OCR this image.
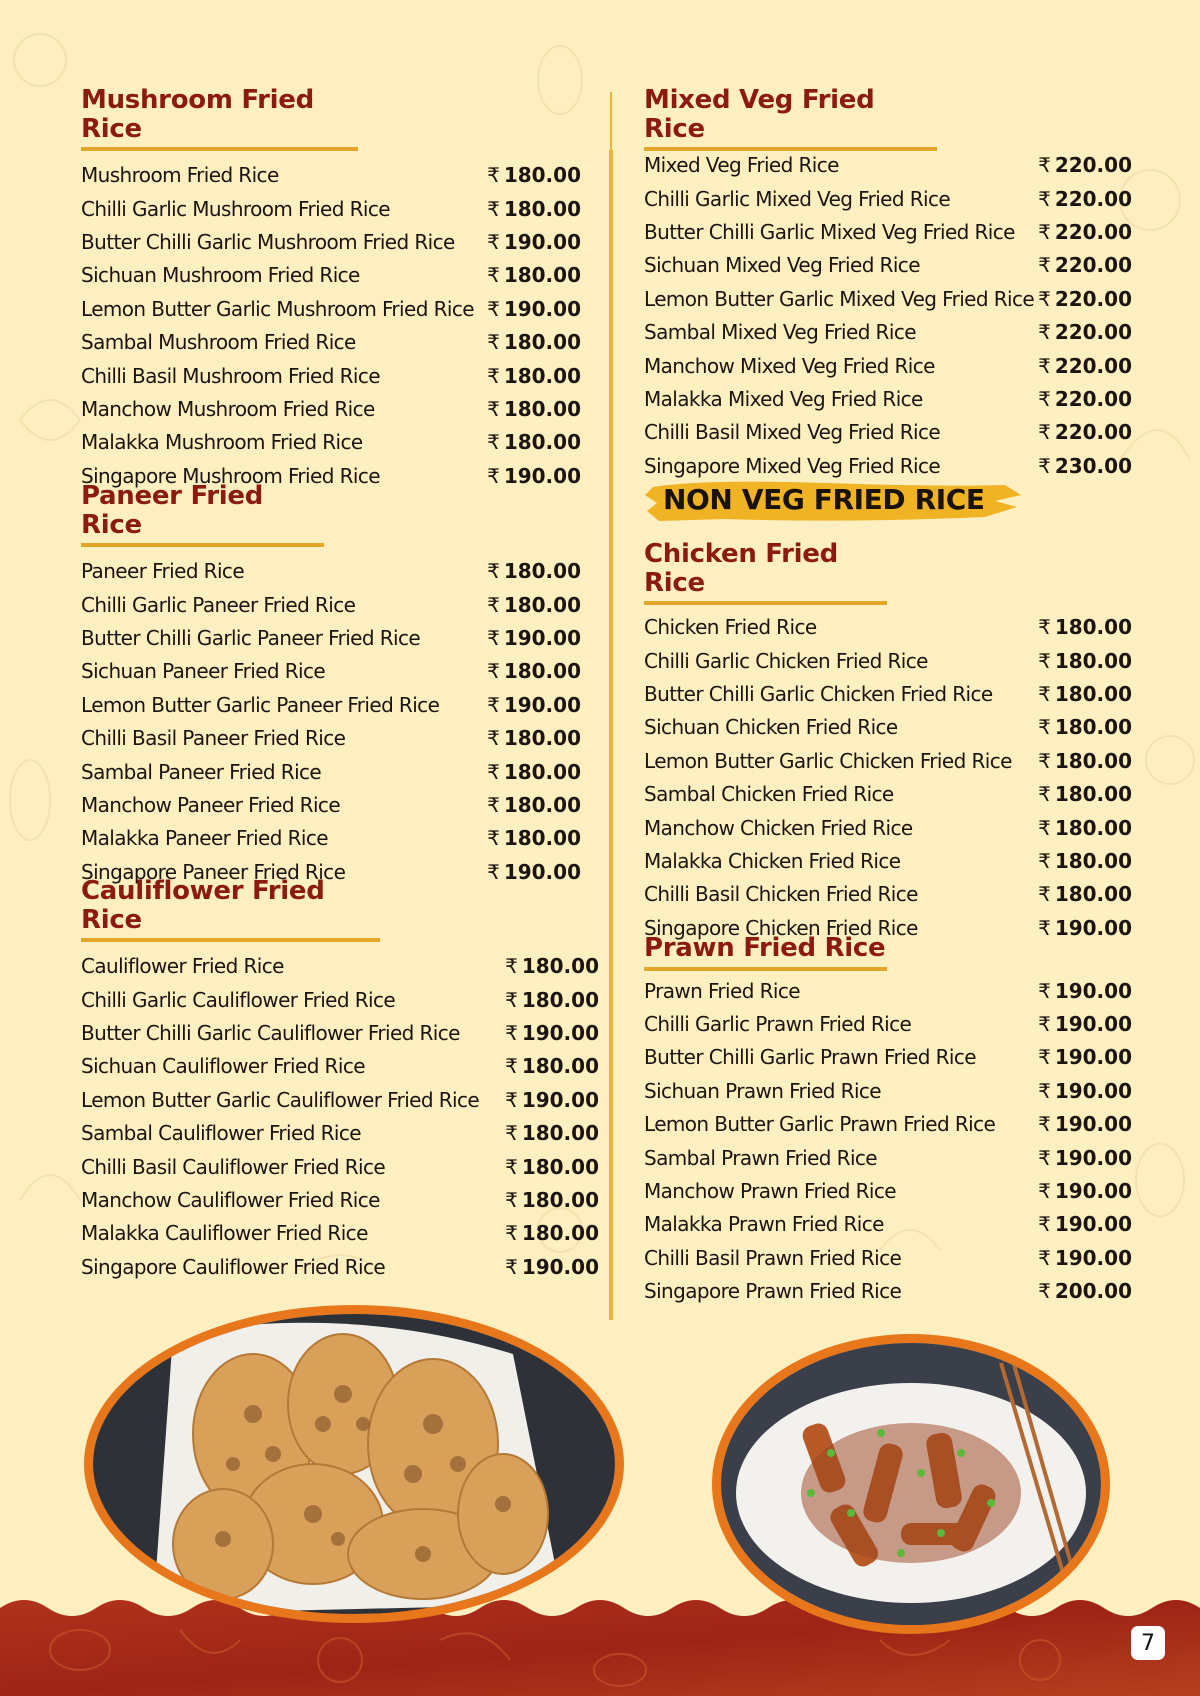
Mushroom Fried Rice
Mushroom Fried Rice	₹ 180.00
Chilli Garlic Mushroom Fried Rice	₹ 180.00
Butter Chilli Garlic Mushroom Fried Rice ₹ 190.00
Sichuan Mushroom Fried Rice	₹ 180.00
Lemon Butter Garlic Mushroom Fried Rice ₹ 190.00
Sambal Mushroom Fried Rice	₹ 180.00
Chilli Basil Mushroom Fried Rice	₹ 180.00
Manchow Mushroom Fried Rice	₹ 180.00
Malakka Mushroom Fried Rice	₹ 180.00
Singapore Mushroom Fried Rice	₹ 190.00
Paneer Fried Rice
Paneer Fried Rice	₹ 180.00
Chilli Garlic Paneer Fried Rice	₹ 180.00
Butter Chilli Garlic Paneer Fried Rice	₹ 190.00
Sichuan Paneer Fried Rice	₹ 180.00
Lemon Butter Garlic Paneer Fried Rice ₹ 190.00
Chilli Basil Paneer Fried Rice	₹ 180.00
Sambal Paneer Fried Rice	₹ 180.00
Manchow Paneer Fried Rice	₹ 180.00
Malakka Paneer Fried Rice	₹ 180.00
Singapore Paneer Fried Rice	₹ 190.00
Cauliflower Fried Rice
Cauliflower Fried Rice	₹ 180.00
Chilli Garlic Cauliflower Fried Rice	₹ 180.00
Butter Chilli Garlic Cauliflower Fried Rice ₹ 190.00
Sichuan Cauliflower Fried Rice	₹ 180.00
Lemon Butter Garlic Cauliflower Fried Rice ₹ 190.00
Sambal Cauliflower Fried Rice	₹ 180.00
Chilli Basil Cauliflower Fried Rice	₹ 180.00
Manchow Cauliflower Fried Rice	₹ 180.00
Malakka Cauliflower Fried Rice	₹ 180.00
Singapore Cauliflower Fried Rice	₹ 190.00
Mixed Veg Fried Rice
Mixed Veg Fried Rice	₹ 220.00
Chilli Garlic Mixed Veg Fried Rice	₹ 220.00
Butter Chilli Garlic Mixed Veg Fried Rice ₹ 220.00
Sichuan Mixed Veg Fried Rice	₹ 220.00
Lemon Butter Garlic Mixed Veg Fried Rice ₹ 220.00
Sambal Mixed Veg Fried Rice	₹ 220.00
Manchow Mixed Veg Fried Rice	₹ 220.00
Malakka Mixed Veg Fried Rice	₹ 220.00
Chilli Basil Mixed Veg Fried Rice	₹ 220.00
Singapore Mixed Veg Fried Rice	₹ 230.00
NON VEG FRIED RICE
Chicken Fried Rice
Chicken Fried Rice	₹ 180.00
Chilli Garlic Chicken Fried Rice	₹ 180.00
Butter Chilli Garlic Chicken Fried Rice ₹ 180.00
Sichuan Chicken Fried Rice	₹ 180.00
Lemon Butter Garlic Chicken Fried Rice ₹ 180.00
Sambal Chicken Fried Rice	₹ 180.00
Manchow Chicken Fried Rice	₹ 180.00
Malakka Chicken Fried Rice	₹ 180.00
Chilli Basil Chicken Fried Rice	₹ 180.00
Singapore Chicken Fried Rice	₹ 190.00
Prawn Fried Rice
Prawn Fried Rice	₹ 190.00
Chilli Garlic Prawn Fried Rice	₹ 190.00
Butter Chilli Garlic Prawn Fried Rice	₹ 190.00
Sichuan Prawn Fried Rice	₹ 190.00
Lemon Butter Garlic Prawn Fried Rice ₹ 190.00
Sambal Prawn Fried Rice	₹ 190.00
Manchow Prawn Fried Rice	₹ 190.00
Malakka Prawn Fried Rice	₹ 190.00
Chilli Basil Prawn Fried Rice	₹ 190.00
Singapore Prawn Fried Rice	₹ 200.00
7
